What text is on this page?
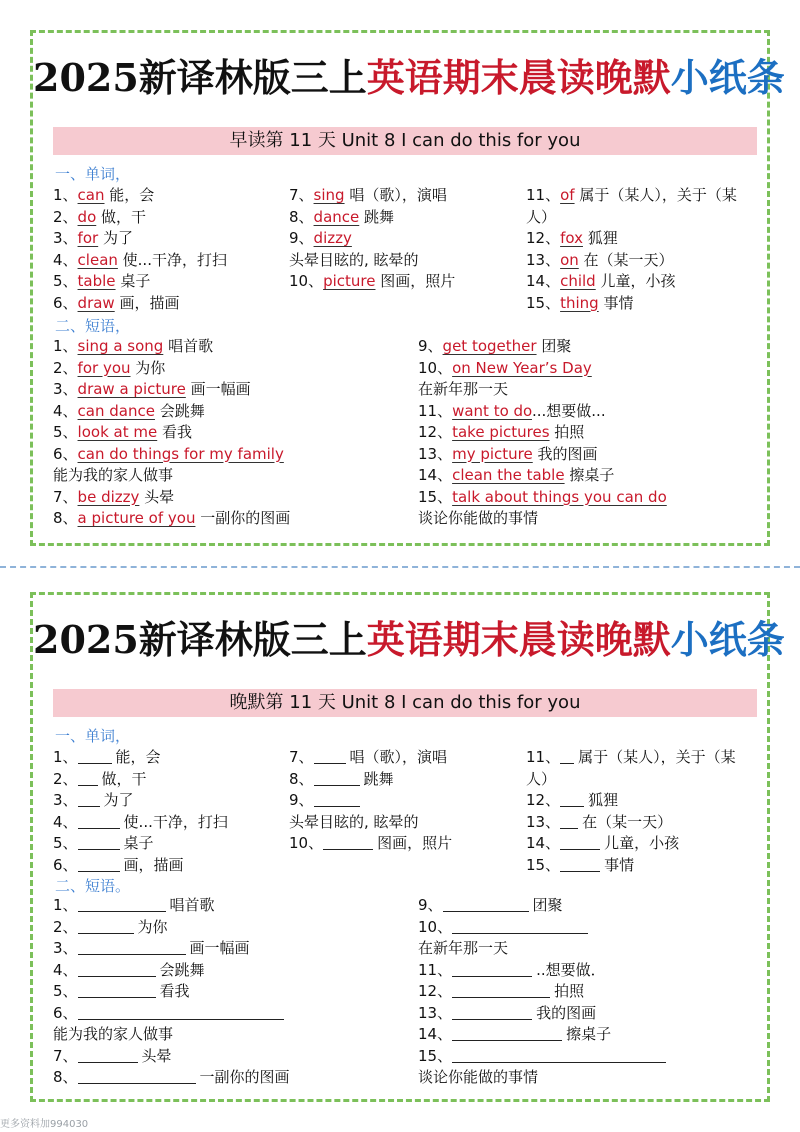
2025新译林版三上英语期末晨读晚默小纸条
早读第 11 天 Unit 8 I can do this for you
一、单词，
1、can 能，会
2、do 做，干
3、for 为了
4、clean 使...干净，打扫
5、table 桌子
6、draw 画，描画
7、sing 唱（歌），演唱
8、dance 跳舞
9、dizzy
头晕目眩的, 眩晕的
10、picture 图画，照片
11、of 属于（某人），关于（某人）
12、fox 狐狸
13、on 在（某一天）
14、child 儿童，小孩
15、thing 事情
二、短语，
1、sing a song 唱首歌
2、for you 为你
3、draw a picture 画一幅画
4、can dance 会跳舞
5、look at me 看我
6、can do things for my family
能为我的家人做事
7、be dizzy 头晕
8、a picture of you 一副你的图画
9、get together 团聚
10、on New Year’s Day
在新年那一天
11、want to do...想要做...
12、take pictures 拍照
13、my picture 我的图画
14、clean the table 擦桌子
15、talk about things you can do
谈论你能做的事情
2025新译林版三上英语期末晨读晚默小纸条
晚默第 11 天 Unit 8 I can do this for you
一、单词，
1、	能，会
2、 做，干
3、 为了
4、	使...干净，打扫
5、	桌子
6、	画，描画
7、 唱（歌），演唱
8、	跳舞
9、
头晕目眩的, 眩晕的
10、	图画，照片
11、 属于（某人），关于（某人）
12、 狐狸
13、 在（某一天）
14、	儿童，小孩
15、	事情
二、短语。
1、	唱首歌
2、	为你
3、	画一幅画
4、	会跳舞
5、	看我
6、
能为我的家人做事
7、	头晕
8、	一副你的图画
9、	团聚
10、
在新年那一天
11、	..想要做．
12、	拍照
13、	我的图画
14、	擦桌子
15、
谈论你能做的事情
更多资料加994030
